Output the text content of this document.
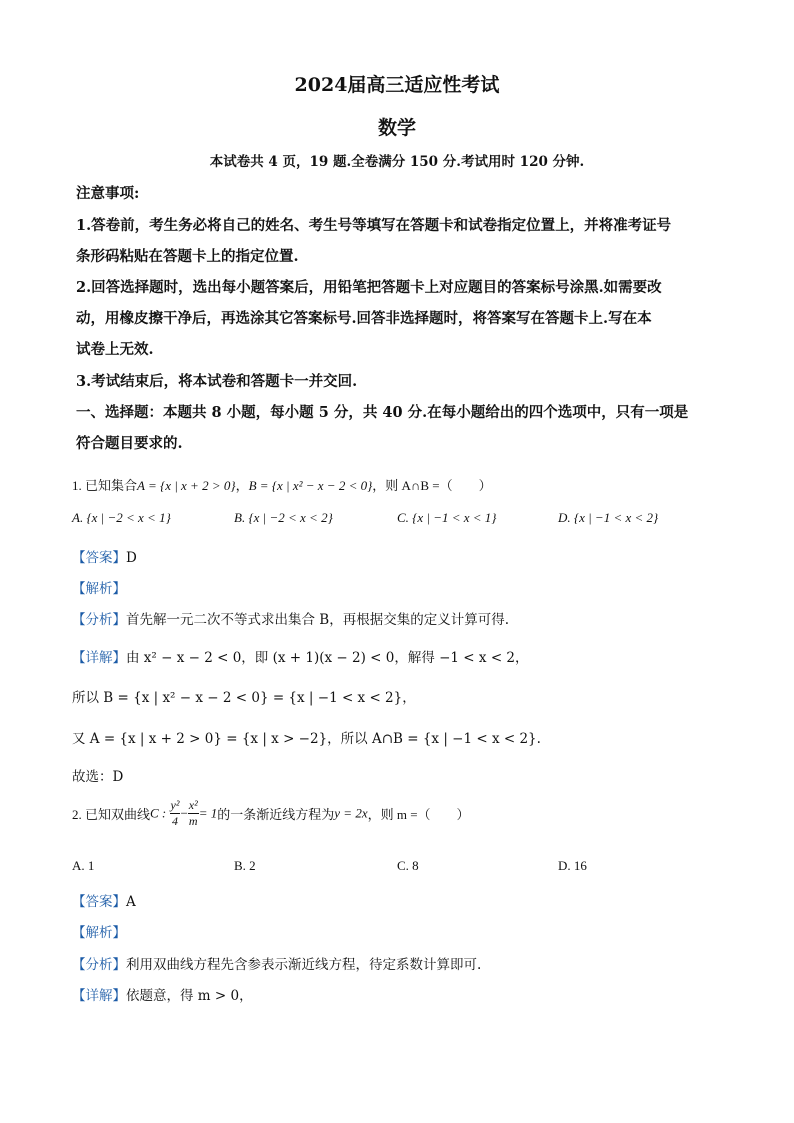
2024届高三适应性考试
数学
本试卷共 4 页，19 题.全卷满分 150 分.考试用时 120 分钟.
注意事项:
1.答卷前，考生务必将自己的姓名、考生号等填写在答题卡和试卷指定位置上，并将准考证号
条形码粘贴在答题卡上的指定位置.
2.回答选择题时，选出每小题答案后，用铅笔把答题卡上对应题目的答案标号涂黑.如需要改
动，用橡皮擦干净后，再选涂其它答案标号.回答非选择题时，将答案写在答题卡上.写在本
试卷上无效.
3.考试结束后，将本试卷和答题卡一并交回.
一、选择题：本题共 8 小题，每小题 5 分，共 40 分.在每小题给出的四个选项中，只有一项是
符合题目要求的.
1. 已知集合A = {x | x + 2 > 0}，B = {x | x² − x − 2 < 0}，则 A∩B =（　　）
A. {x | −2 < x < 1}	B. {x | −2 < x < 2}	C. {x | −1 < x < 1}	D. {x | −1 < x < 2}
【答案】D
【解析】
【分析】首先解一元二次不等式求出集合 B，再根据交集的定义计算可得.
【详解】由 x² − x − 2 < 0，即 (x + 1)(x − 2) < 0，解得 −1 < x < 2，
所以 B = {x | x² − x − 2 < 0} = {x | −1 < x < 2}，
又 A = {x | x + 2 > 0} = {x | x > −2}，所以 A∩B = {x | −1 < x < 2}.
故选：D
2. 已知双曲线C : $\frac{\text{y²}}{4} - \frac{\text{x²}}{m} = 1$的一条渐近线方程为y = 2x，则 m =（　　）
A. 1	B. 2	C. 8	D. 16
【答案】A
【解析】
【分析】利用双曲线方程先含参表示渐近线方程，待定系数计算即可.
【详解】依题意，得 m > 0，
